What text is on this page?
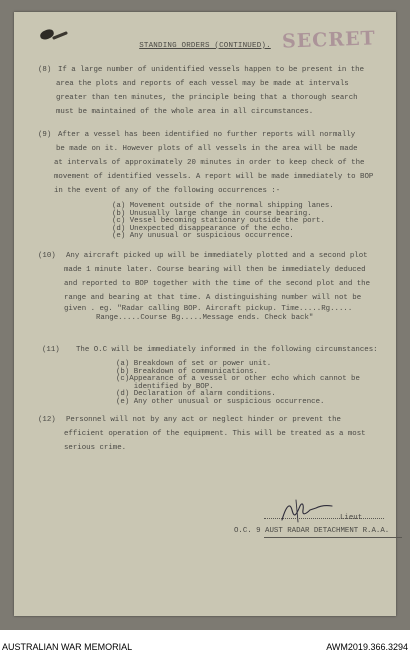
SECRET
STANDING ORDERS (CONTINUED).
(8) If a large number of unidentified vessels happen to be present in the
area the plots and reports of each vessel may be made at intervals
greater than ten minutes, the principle being that a thorough search
must be maintained of the whole area in all circumstances.
(9) After a vessel has been identified no further reports will normally
be made on it. However plots of all vessels in the area will be made
at intervals of approximately 20 minutes in order to keep check of the
movement of identified vessels. A report will be made immediately to BOP
in the event of any of the following occurrences :-
(a) Movement outside of the normal shipping lanes.
(b) Unusually large change in course bearing.
(c) Vessel becoming stationary outside the port.
(d) Unexpected disappearance of the echo.
(e) Any unusual or suspicious occurrence.
(10) Any aircraft picked up will be immediately plotted and a second plot
made 1 minute later. Course bearing will then be immediately deduced
and reported to BOP together with the time of the second plot and the
range and bearing at that time. A distinguishing number will not be
given . eg. "Radar calling BOP. Aircraft pickup. Time.....Rg.....
Range.....Course Bg.....Message ends. Check back"
(11) The O.C will be immediately informed in the following circumstances:
(a) Breakdown of set or power unit.
(b) Breakdown of communications.
(c)Appearance of a vessel or other echo which cannot be
identified by BOP.
(d) Declaration of alarm conditions.
(e) Any other unusual or suspicious occurrence.
(12) Personnel will not by any act or neglect hinder or prevent the
efficient operation of the equipment. This will be treated as a most
serious crime.
Lieut
O.C. 9 AUST RADAR DETACHMENT R.A.A.
AUSTRALIAN WAR MEMORIAL	AWM2019.366.3294
